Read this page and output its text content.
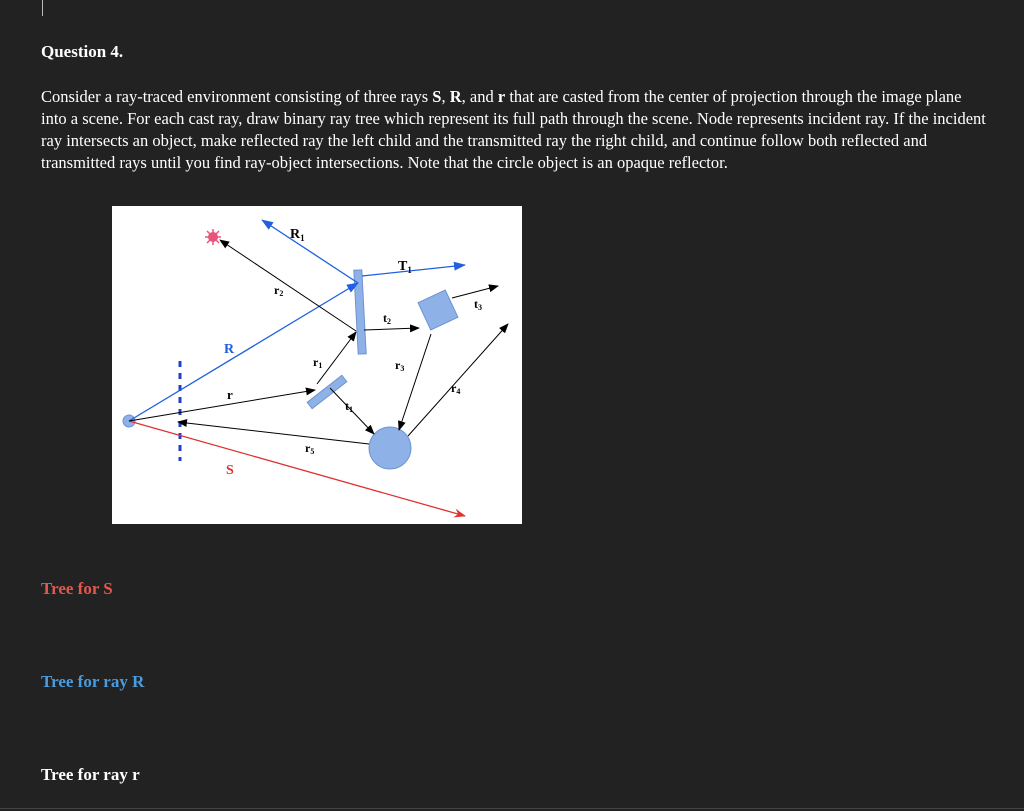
Question 4.
Consider a ray-traced environment consisting of three rays S, R, and r that are casted from the center of projection through the image plane into a scene. For each cast ray, draw binary ray tree which represent its full path through the scene. Node represents incident ray. If the incident ray intersects an object, make reflected ray the left child and the transmitted ray the right child, and continue follow both reflected and transmitted rays until you find ray-object intersections. Note that the circle object is an opaque reflector.
$R_1$
$T_1$
r2
t2
t3
R
r1	r3
r	r4
t1
r5
S
Tree for S
Tree for ray R
Tree for ray r
